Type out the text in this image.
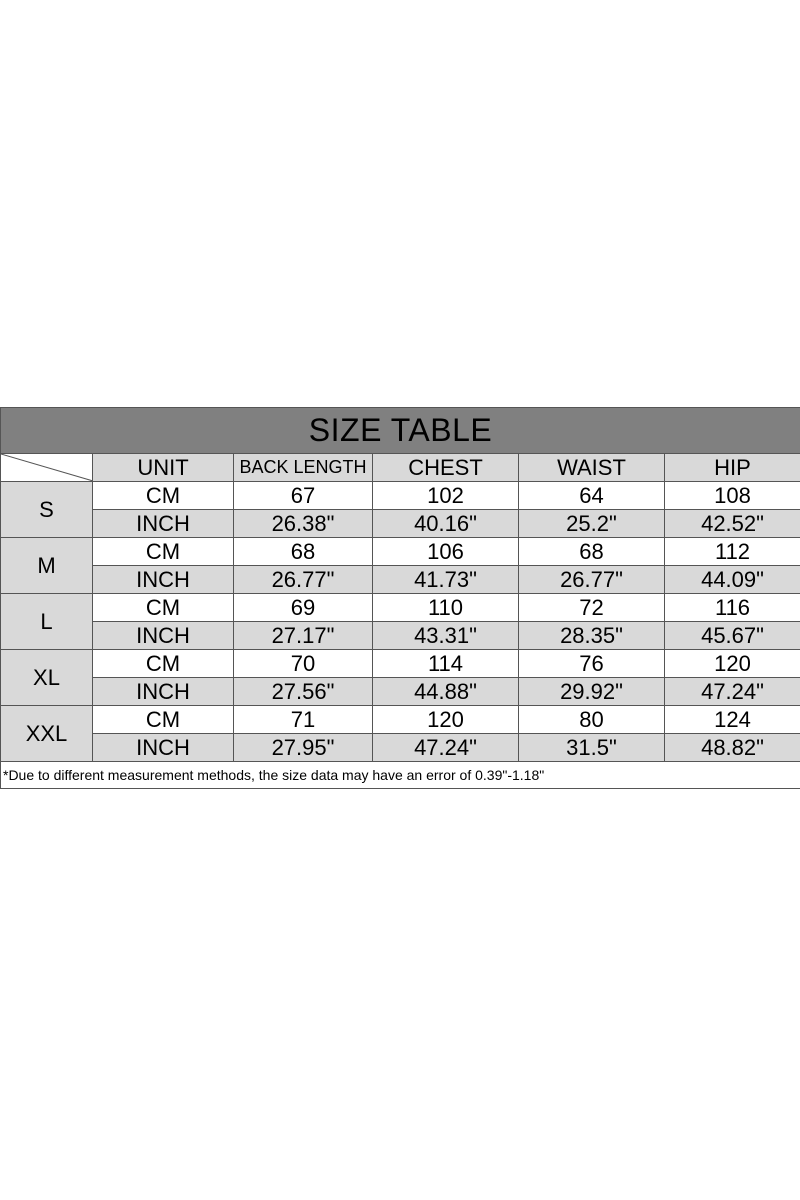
SIZE TABLE					

	UNIT	BACK LENGTH	CHEST	WAIST	HIP
S	CM	67	102	64	108
	INCH	26.38"	40.16"	25.2"	42.52"
M	CM	68	106	68	112
	INCH	26.77"	41.73"	26.77"	44.09"
L	CM	69	110	72	116
	INCH	27.17"	43.31"	28.35"	45.67"
XL	CM	70	114	76	120
	INCH	27.56"	44.88"	29.92"	47.24"
XXL	CM	71	120	80	124
	INCH	27.95"	47.24"	31.5"	48.82"
*Due to different measurement methods, the size data may have an error of 0.39"-1.18"					
